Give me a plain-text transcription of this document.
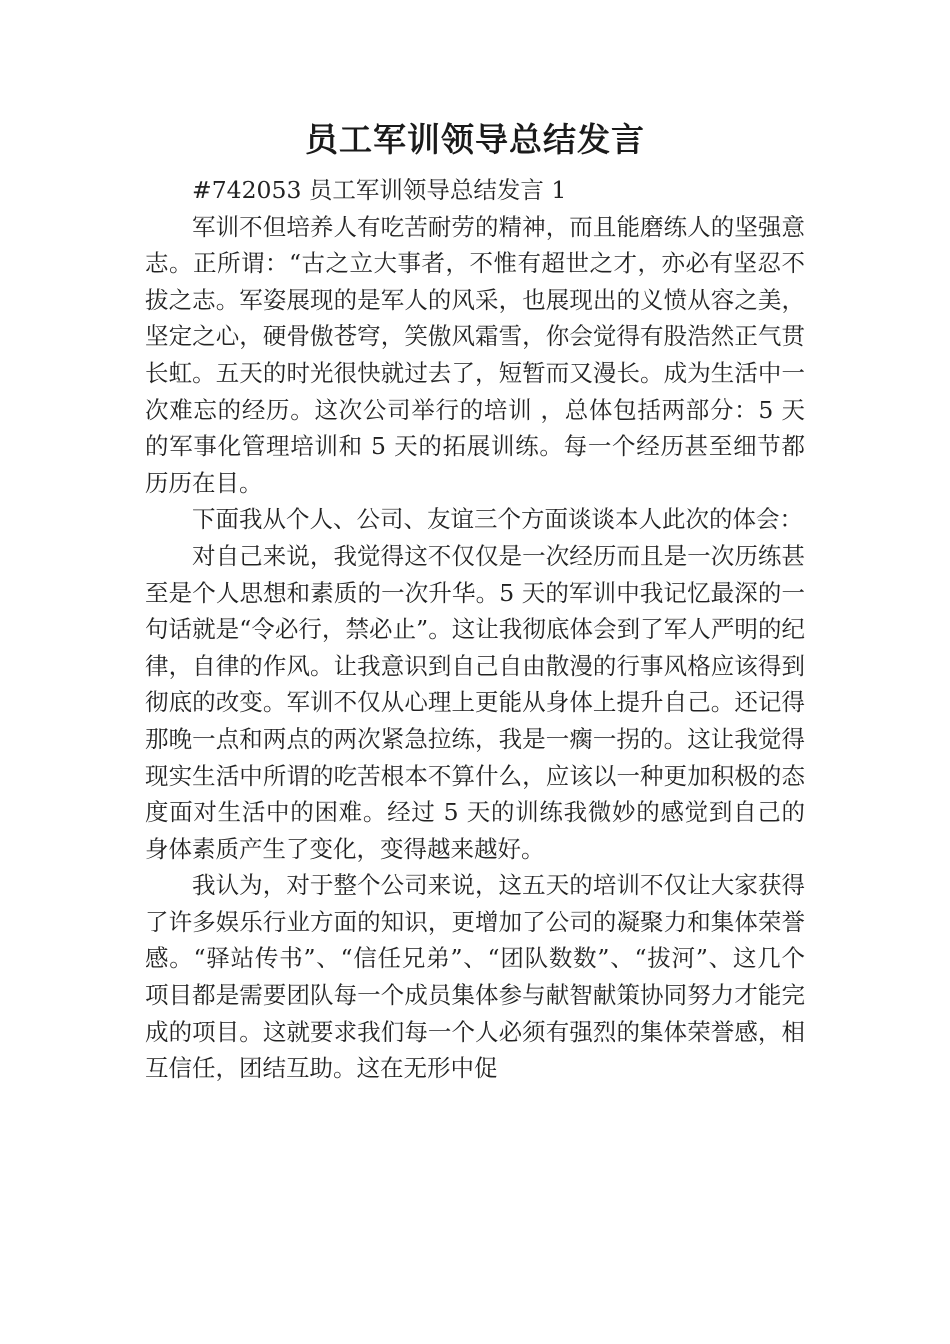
员工军训领导总结发言

#742053 员工军训领导总结发言 1

军训不但培养人有吃苦耐劳的精神，而且能磨练人的坚强意志。正所谓：“古之立大事者，不惟有超世之才，亦必有坚忍不拔之志。军姿展现的是军人的风采，也展现出的义愤从容之美，坚定之心，硬骨傲苍穹，笑傲风霜雪，你会觉得有股浩然正气贯长虹。五天的时光很快就过去了，短暂而又漫长。成为生活中一次难忘的经历。这次公司举行的培训 ，总体包括两部分：5 天的军事化管理培训和 5 天的拓展训练。每一个经历甚至细节都历历在目。

下面我从个人、公司、友谊三个方面谈谈本人此次的体会：

对自己来说，我觉得这不仅仅是一次经历而且是一次历练甚至是个人思想和素质的一次升华。5 天的军训中我记忆最深的一句话就是“令必行，禁必止”。这让我彻底体会到了军人严明的纪律，自律的作风。让我意识到自己自由散漫的行事风格应该得到彻底的改变。军训不仅从心理上更能从身体上提升自己。还记得那晚一点和两点的两次紧急拉练，我是一瘸一拐的。这让我觉得现实生活中所谓的吃苦根本不算什么，应该以一种更加积极的态度面对生活中的困难。经过 5 天的训练我微妙的感觉到自己的身体素质产生了变化，变得越来越好。

我认为，对于整个公司来说，这五天的培训不仅让大家获得了许多娱乐行业方面的知识，更增加了公司的凝聚力和集体荣誉感。“驿站传书”、“信任兄弟”、“团队数数”、“拔河”、这几个项目都是需要团队每一个成员集体参与献智献策协同努力才能完成的项目。这就要求我们每一个人必须有强烈的集体荣誉感，相互信任，团结互助。这在无形中促
